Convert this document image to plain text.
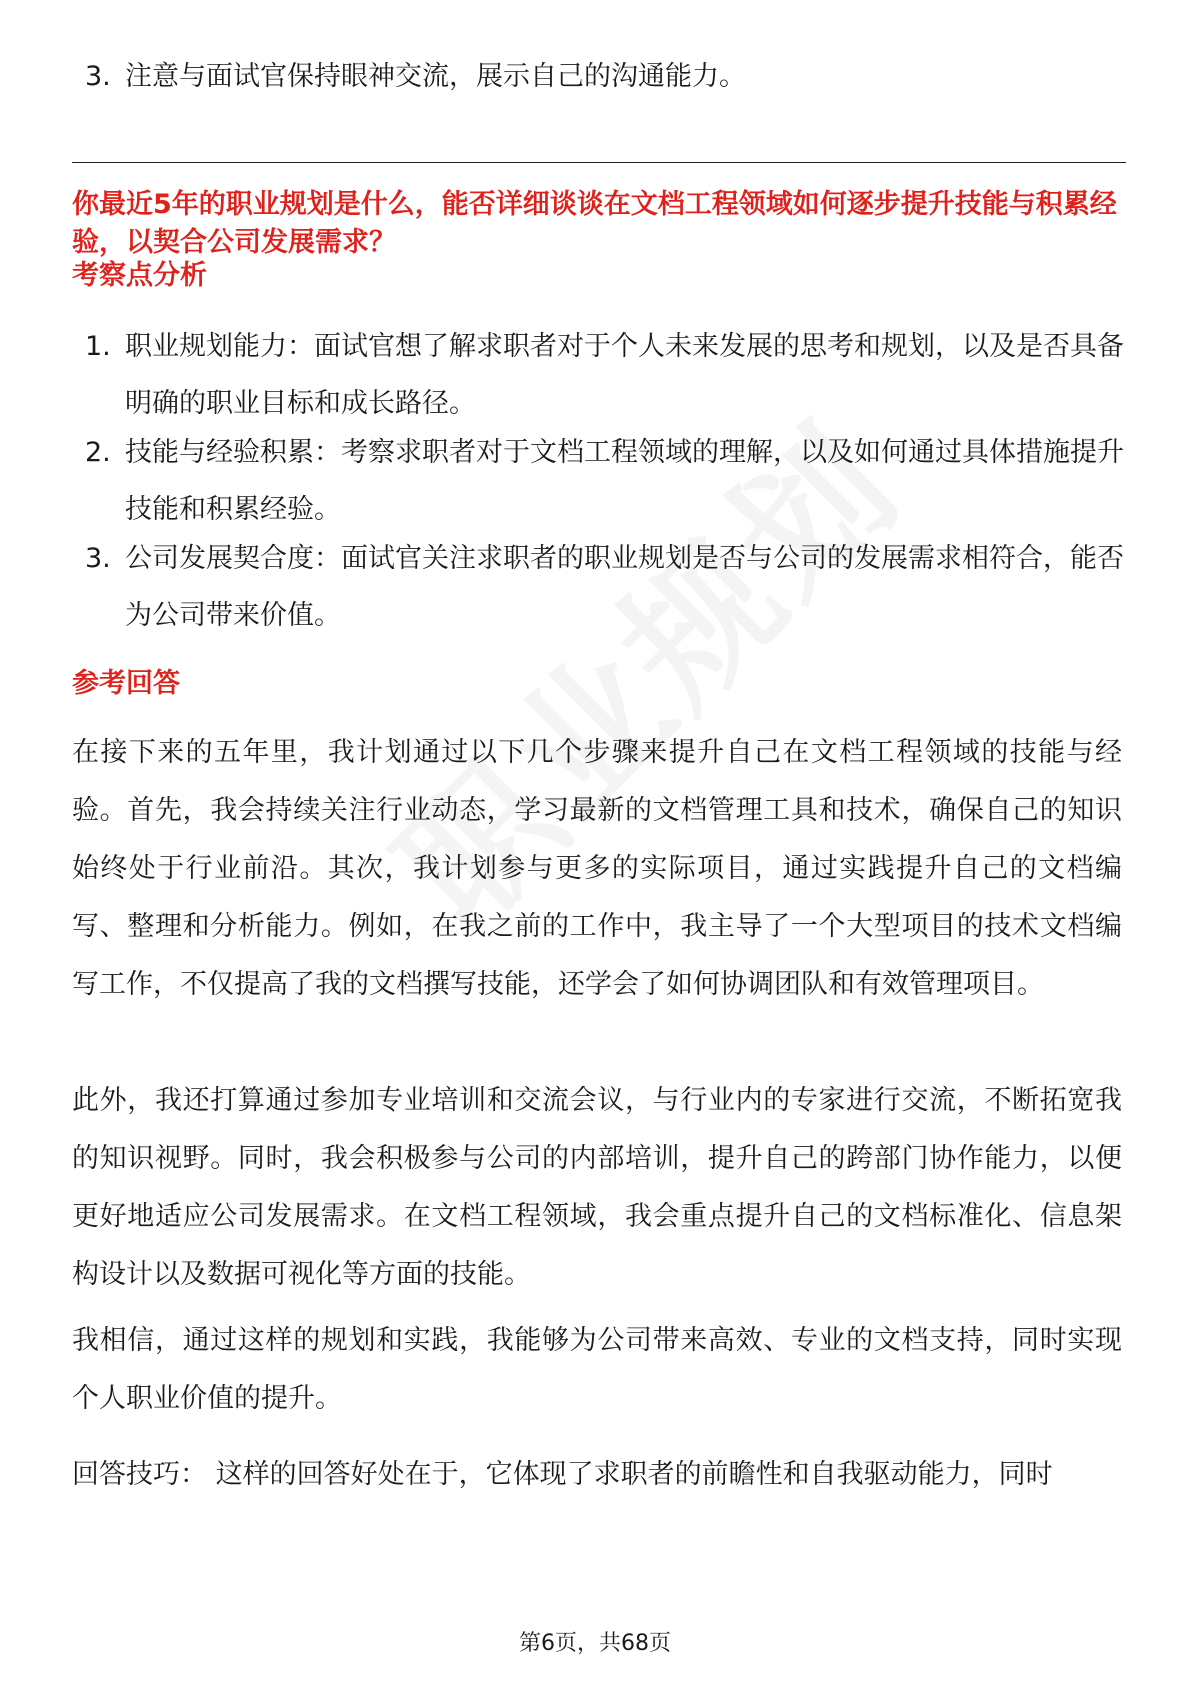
3. 注意与面试官保持眼神交流，展示自己的沟通能力。
你最近5年的职业规划是什么，能否详细谈谈在文档工程领域如何逐步提升技能与积累经验，以契合公司发展需求？
考察点分析
1. 职业规划能力：面试官想了解求职者对于个人未来发展的思考和规划，以及是否具备明确的职业目标和成长路径。
2. 技能与经验积累：考察求职者对于文档工程领域的理解，以及如何通过具体措施提升技能和积累经验。
3. 公司发展契合度：面试官关注求职者的职业规划是否与公司的发展需求相符合，能否为公司带来价值。
参考回答
在接下来的五年里，我计划通过以下几个步骤来提升自己在文档工程领域的技能与经验。首先，我会持续关注行业动态，学习最新的文档管理工具和技术，确保自己的知识始终处于行业前沿。其次，我计划参与更多的实际项目，通过实践提升自己的文档编写、整理和分析能力。例如，在我之前的工作中，我主导了一个大型项目的技术文档编写工作，不仅提高了我的文档撰写技能，还学会了如何协调团队和有效管理项目。
此外，我还打算通过参加专业培训和交流会议，与行业内的专家进行交流，不断拓宽我的知识视野。同时，我会积极参与公司的内部培训，提升自己的跨部门协作能力，以便更好地适应公司发展需求。在文档工程领域，我会重点提升自己的文档标准化、信息架构设计以及数据可视化等方面的技能。
我相信，通过这样的规划和实践，我能够为公司带来高效、专业的文档支持，同时实现个人职业价值的提升。
回答技巧： 这样的回答好处在于，它体现了求职者的前瞻性和自我驱动能力，同时
第6页，共68页
